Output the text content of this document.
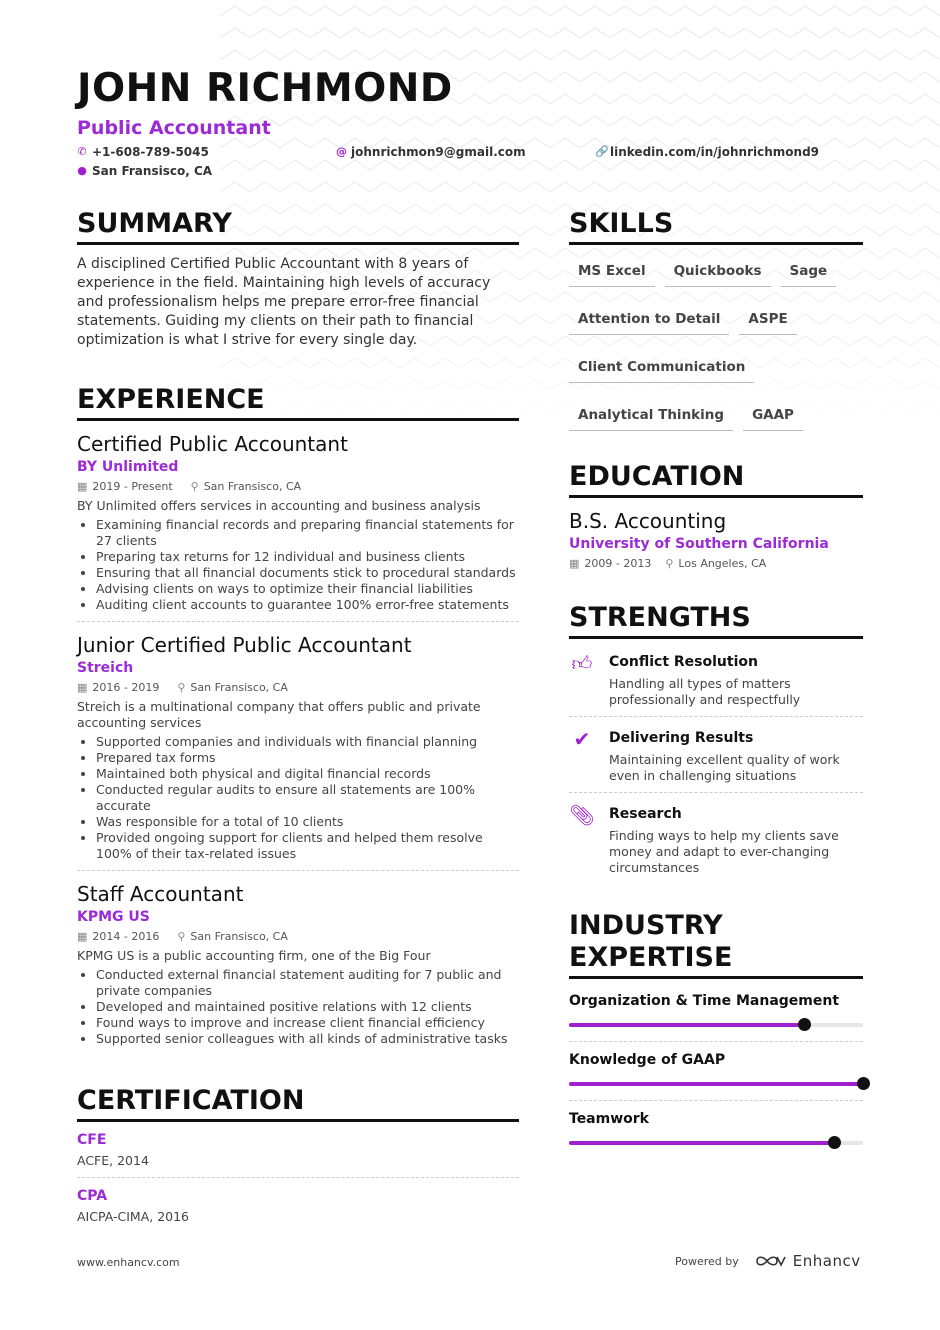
JOHN RICHMOND
Public Accountant
✆ +1-608-789-5045	@ johnrichmon9@gmail.com	🔗 linkedin.com/in/johnrichmond9
● San Fransisco, CA
SUMMARY
A disciplined Certified Public Accountant with 8 years of experience in the field. Maintaining high levels of accuracy and professionalism helps me prepare error-free financial statements. Guiding my clients on their path to financial optimization is what I strive for every single day.
EXPERIENCE
Certified Public Accountant
BY Unlimited
▦ 2019 - Present ⚲ San Fransisco, CA
BY Unlimited offers services in accounting and business analysis
• Examining financial records and preparing financial statements for 27 clients
• Preparing tax returns for 12 individual and business clients
• Ensuring that all financial documents stick to procedural standards
• Advising clients on ways to optimize their financial liabilities
• Auditing client accounts to guarantee 100% error-free statements
Junior Certified Public Accountant
Streich
▦ 2016 - 2019 ⚲ San Fransisco, CA
Streich is a multinational company that offers public and private accounting services
• Supported companies and individuals with financial planning
• Prepared tax forms
• Maintained both physical and digital financial records
• Conducted regular audits to ensure all statements are 100% accurate
• Was responsible for a total of 10 clients
• Provided ongoing support for clients and helped them resolve 100% of their tax-related issues
Staff Accountant
KPMG US
▦ 2014 - 2016 ⚲ San Fransisco, CA
KPMG US is a public accounting firm, one of the Big Four
• Conducted external financial statement auditing for 7 public and private companies
• Developed and maintained positive relations with 12 clients
• Found ways to improve and increase client financial efficiency
• Supported senior colleagues with all kinds of administrative tasks
CERTIFICATION
CFE
ACFE, 2014
CPA
AICPA-CIMA, 2016
SKILLS
MS Excel	Quickbooks	Sage
Attention to Detail	ASPE
Client Communication
Analytical Thinking	GAAP
EDUCATION
B.S. Accounting
University of Southern California
▦ 2009 - 2013 ⚲ Los Angeles, CA
STRENGTHS
👍︎ Conflict Resolution
Handling all types of matters professionally and respectfully
✔	Delivering Results
Maintaining excellent quality of work even in challenging situations
📎︎ Research
Finding ways to help my clients save money and adapt to ever-changing circumstances
INDUSTRY
EXPERTISE
Organization & Time Management
Knowledge of GAAP
Teamwork
www.enhancv.com	Powered by	Enhancv
